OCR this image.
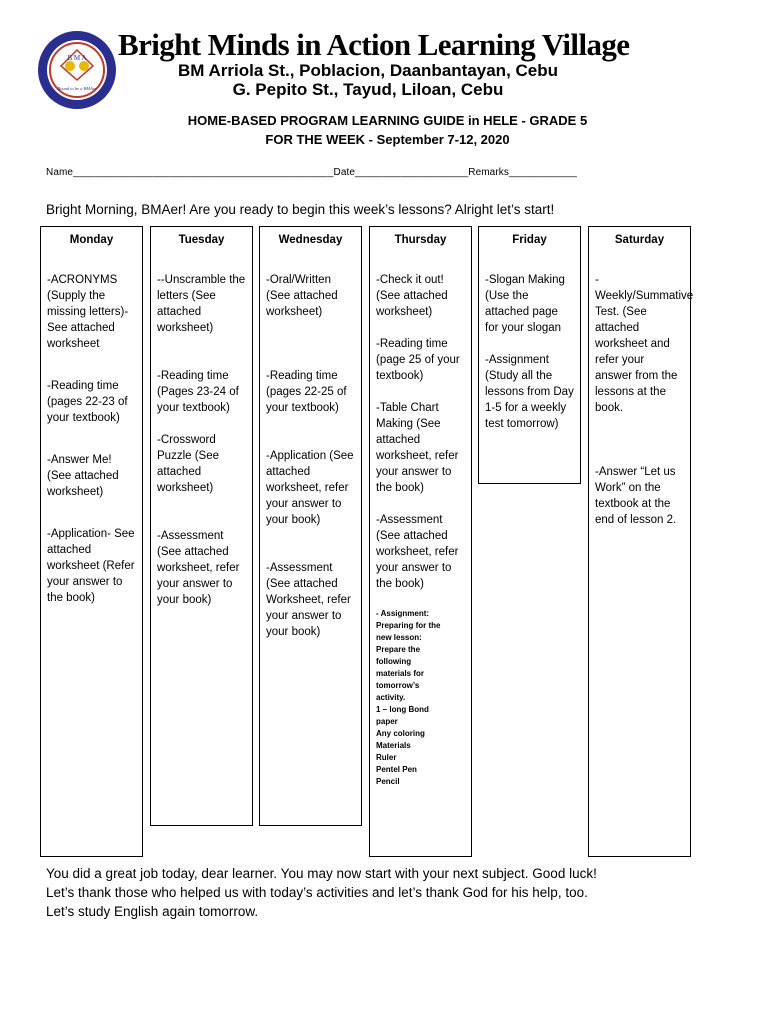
B M A
Bound to be a BMAer
Bright Minds in Action Learning Village
BM Arriola St., Poblacion, Daanbantayan, Cebu
G. Pepito St., Tayud, Liloan, Cebu
HOME-BASED PROGRAM LEARNING GUIDE in HELE - GRADE 5
FOR THE WEEK - September 7-12, 2020
Name______________________________________________Date____________________Remarks____________
Bright Morning, BMAer! Are you ready to begin this week’s lessons? Alright let’s start!
Monday
-ACRONYMS (Supply the missing letters)- See attached worksheet
-Reading time (pages 22-23 of your textbook)
-Answer Me! (See attached worksheet)
-Application- See attached worksheet (Refer your answer to the book)
Tuesday
--Unscramble the letters (See attached worksheet)
-Reading time (Pages 23-24 of your textbook)
-Crossword Puzzle (See attached worksheet)
-Assessment (See attached worksheet, refer your answer to your book)
Wednesday
-Oral/Written (See attached worksheet)
-Reading time (pages 22-25 of your textbook)
-Application (See attached worksheet, refer your answer to your book)
-Assessment (See attached Worksheet, refer your answer to your book)
Thursday
-Check it out! (See attached worksheet)
-Reading time (page 25 of your textbook)
-Table Chart Making (See attached worksheet, refer your answer to the book)
-Assessment (See attached worksheet, refer your answer to the book)
- Assignment:
Preparing for the
new lesson:
Prepare the
following
materials for
tomorrow’s
activity.
1 – long Bond
paper
Any coloring
Materials
Ruler
Pentel Pen
Pencil
Friday
-Slogan Making (Use the attached page for your slogan
-Assignment (Study all the lessons from Day 1-5 for a weekly test tomorrow)
Saturday
- Weekly/Summative Test. (See attached worksheet and refer your answer from the lessons at the book.
-Answer “Let us Work” on the textbook at the end of lesson 2.
You did a great job today, dear learner. You may now start with your next subject. Good luck!
Let’s thank those who helped us with today’s activities and let’s thank God for his help, too.
Let’s study English again tomorrow.
